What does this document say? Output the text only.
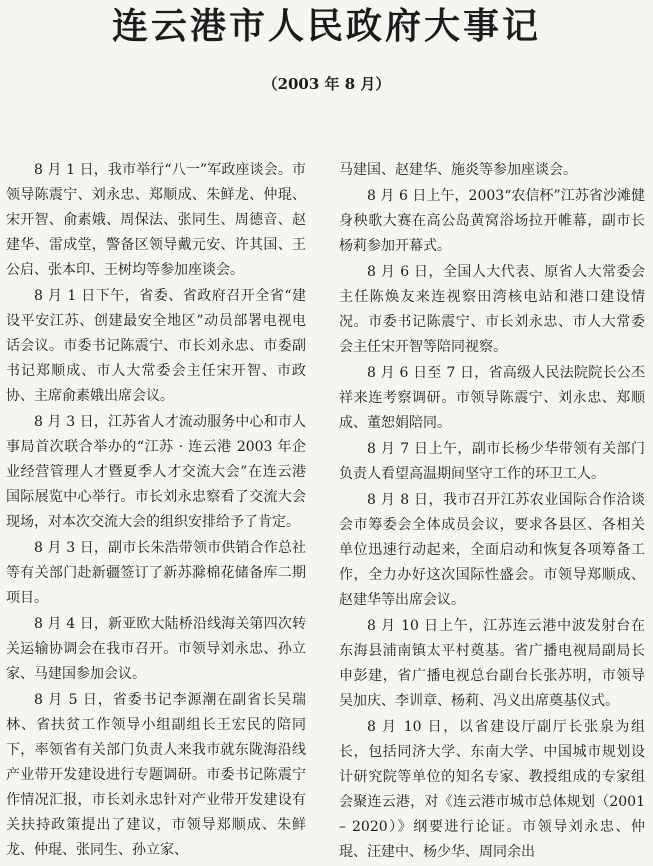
连云港市人民政府大事记
（2003 年 8 月）

8 月 1 日，我市举行“八一”军政座谈会。市领导陈震宁、刘永忠、郑顺成、朱鲜龙、仲琨、宋开智、俞素娥、周保法、张同生、周德音、赵建华、雷成堂，警备区领导戴元安、许其国、王公启、张本印、王树均等参加座谈会。

8 月 1 日下午，省委、省政府召开全省“建设平安江苏、创建最安全地区”动员部署电视电话会议。市委书记陈震宁、市长刘永忠、市委副书记郑顺成、市人大常委会主任宋开智、市政协、主席俞素娥出席会议。

8 月 3 日，江苏省人才流动服务中心和市人事局首次联合举办的“江苏 · 连云港 2003 年企业经营管理人才暨夏季人才交流大会”在连云港国际展览中心举行。市长刘永忠察看了交流大会现场，对本次交流大会的组织安排给予了肯定。

8 月 3 日，副市长朱浩带领市供销合作总社等有关部门赴新疆签订了新苏滁棉花储备库二期项目。

8 月 4 日，新亚欧大陆桥沿线海关第四次转关运输协调会在我市召开。市领导刘永忠、孙立家、马建国参加会议。

8 月 5 日，省委书记李源潮在副省长吴瑞林、省扶贫工作领导小组副组长王宏民的陪同下，率领省有关部门负责人来我市就东陇海沿线产业带开发建设进行专题调研。市委书记陈震宁作情况汇报，市长刘永忠针对产业带开发建设有关扶持政策提出了建议，市领导郑顺成、朱鲜龙、仲琨、张同生、孙立家、

马建国、赵建华、施炎等参加座谈会。

8 月 6 日上午，2003“农信杯”江苏省沙滩健身秧歌大赛在高公岛黄窝浴场拉开帷幕，副市长杨莉参加开幕式。

8 月 6 日，全国人大代表、原省人大常委会主任陈焕友来连视察田湾核电站和港口建设情况。市委书记陈震宁、市长刘永忠、市人大常委会主任宋开智等陪同视察。

8 月 6 日至 7 日，省高级人民法院院长公丕祥来连考察调研。市领导陈震宁、刘永忠、郑顺成、董恕娟陪同。

8 月 7 日上午，副市长杨少华带领有关部门负责人看望高温期间坚守工作的环卫工人。

8 月 8 日，我市召开江苏农业国际合作洽谈会市筹委会全体成员会议，要求各县区、各相关单位迅速行动起来，全面启动和恢复各项筹备工作，全力办好这次国际性盛会。市领导郑顺成、赵建华等出席会议。

8 月 10 日上午，江苏连云港中波发射台在东海县浦南镇太平村奠基。省广播电视局副局长申彭建，省广播电视总台副台长张苏明，市领导吴加庆、李训章、杨莉、冯义出席奠基仪式。

8 月 10 日，以省建设厅副厅长张泉为组长，包括同济大学、东南大学、中国城市规划设计研究院等单位的知名专家、教授组成的专家组会聚连云港，对《连云港市城市总体规划（2001 – 2020）》纲要进行论证。市领导刘永忠、仲琨、汪建中、杨少华、周同余出
